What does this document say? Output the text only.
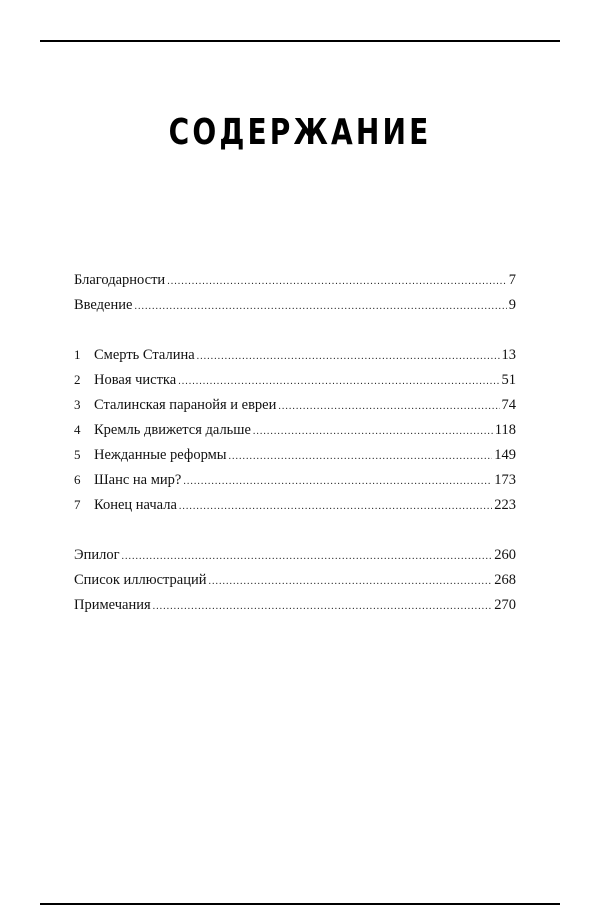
СОДЕРЖАНИЕ
Благодарности .....	7
Введение .....	9
1 Смерть Сталина .....	13
2 Новая чистка .....	51
3 Сталинская паранойя и евреи .....	74
4 Кремль движется дальше .....	118
5 Нежданные реформы .....	149
6 Шанс на мир? .....	173
7 Конец начала .....	223
Эпилог .....	260
Список иллюстраций .....	268
Примечания .....	270
